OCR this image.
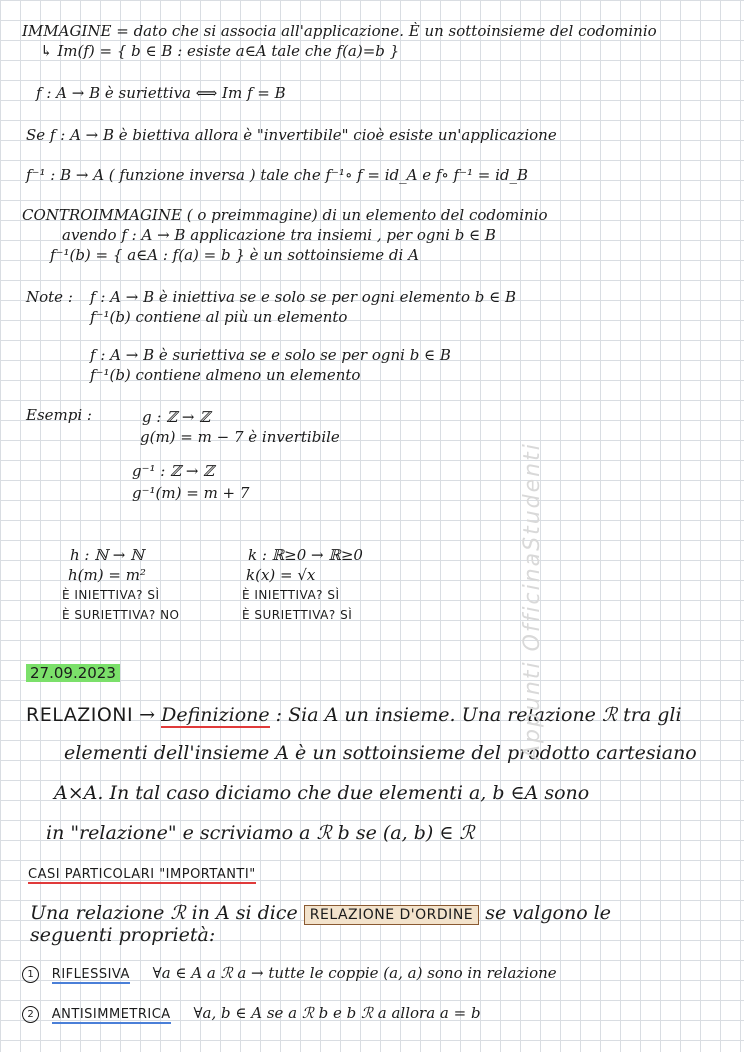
IMMAGINE = dato che si associa all'applicazione. È un sottoinsieme del codominio
↳ Im(f) = { b ∈ B : esiste a∈A tale che f(a)=b }
f : A → B è suriettiva ⟺ Im f = B
Se f : A → B è biettiva allora è "invertibile" cioè esiste un'applicazione
f⁻¹ : B → A ( funzione inversa ) tale che f⁻¹∘ f = id_A e f∘ f⁻¹ = id_B
CONTROIMMAGINE ( o preimmagine) di un elemento del codominio
avendo f : A → B applicazione tra insiemi , per ogni b ∈ B
f⁻¹(b) = { a∈A : f(a) = b } è un sottoinsieme di A
Note : f : A → B è iniettiva se e solo se per ogni elemento b ∈ B
f⁻¹(b) contiene al più un elemento
f : A → B è suriettiva se e solo se per ogni b ∈ B
f⁻¹(b) contiene almeno un elemento
Esempi :	g : ℤ → ℤ
g(m) = m − 7 è invertibile
g⁻¹ : ℤ → ℤ
g⁻¹(m) = m + 7
h : ℕ → ℕ
h(m) = m²
È INIETTIVA? SÌ
È SURIETTIVA? NO
k : ℝ≥0 → ℝ≥0
k(x) = √x
È INIETTIVA? SÌ
È SURIETTIVA? SÌ
27.09.2023
RELAZIONI → Definizione : Sia A un insieme. Una relazione ℛ tra gli
elementi dell'insieme A è un sottoinsieme del prodotto cartesiano
A×A. In tal caso diciamo che due elementi a, b ∈A sono
in "relazione" e scriviamo a ℛ b se (a, b) ∈ ℛ
CASI PARTICOLARI "IMPORTANTI"
Una relazione ℛ in A si dice RELAZIONE D'ORDINE se valgono le
seguenti proprietà:
1 RIFLESSIVA ∀a ∈ A a ℛ a → tutte le coppie (a, a) sono in relazione
2 ANTISIMMETRICA ∀a, b ∈ A se a ℛ b e b ℛ a allora a = b
Appunti OfficinaStudenti
